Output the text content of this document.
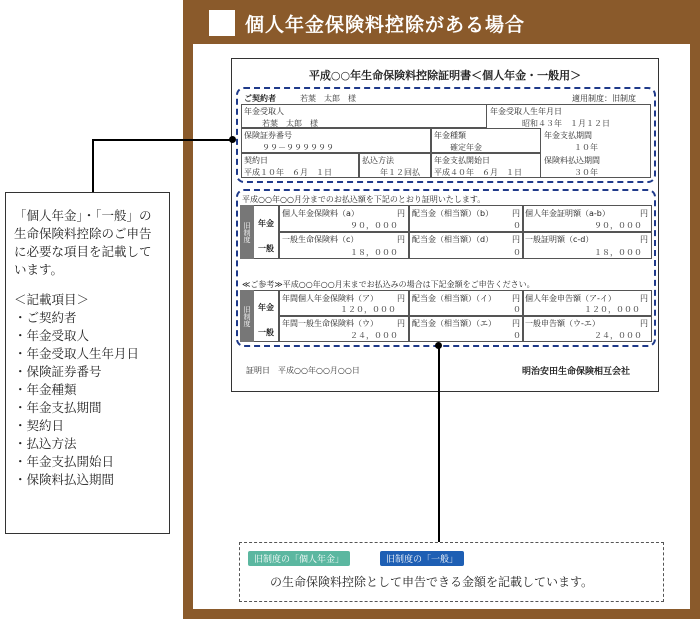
個人年金保険料控除がある場合
平成○○年生命保険料控除証明書＜個人年金・一般用＞
ご契約者	若葉　太郎　様	適用制度：旧制度
年金受取人
若葉　太郎　様
年金受取人生年月日
昭和４３年　１月１２日
保険証券番号
９９－９９９９９９
年金種類
確定年金
年金支払期間
１０年
契約日
平成１０年　６月　１日
払込方法
年１２回払
年金支払開始日
平成４０年　６月　１日
保険料払込期間
３０年
平成○○年○○月分までのお払込額を下記のとおり証明いたします。
旧制度 年金
一般
個人年金保険料（a）	円
９０，０００
配当金（相当額）（b） 円
０
個人年金証明額（a-b）	円
９０，０００
一般生命保険料（c）	円
１８，０００
配当金（相当額）（d） 円
０
一般証明額（c-d）	円
１８，０００
≪ご参考≫平成○○年○○月末までお払込みの場合は下記金額をご申告ください。
旧制度 年金
一般
年間個人年金保険料（ア） 円
１２０，０００
配当金（相当額）（イ） 円
０
個人年金申告額（ア-イ）	円
１２０，０００
年間一般生命保険料（ウ） 円
２４，０００
配当金（相当額）（エ） 円
０
一般申告額（ウ-エ）	円
２４，０００
証明日 平成○○年○○月○○日	明治安田生命保険相互会社
旧制度の「個人年金」	旧制度の「一般」
の生命保険料控除として申告できる金額を記載しています。
「個人年金」・「一般」の生命保険料控除のご申告に必要な項目を記載しています。
＜記載項目＞
・ご契約者
・年金受取人
・年金受取人生年月日
・保険証券番号
・年金種類
・年金支払期間
・契約日
・払込方法
・年金支払開始日
・保険料払込期間
